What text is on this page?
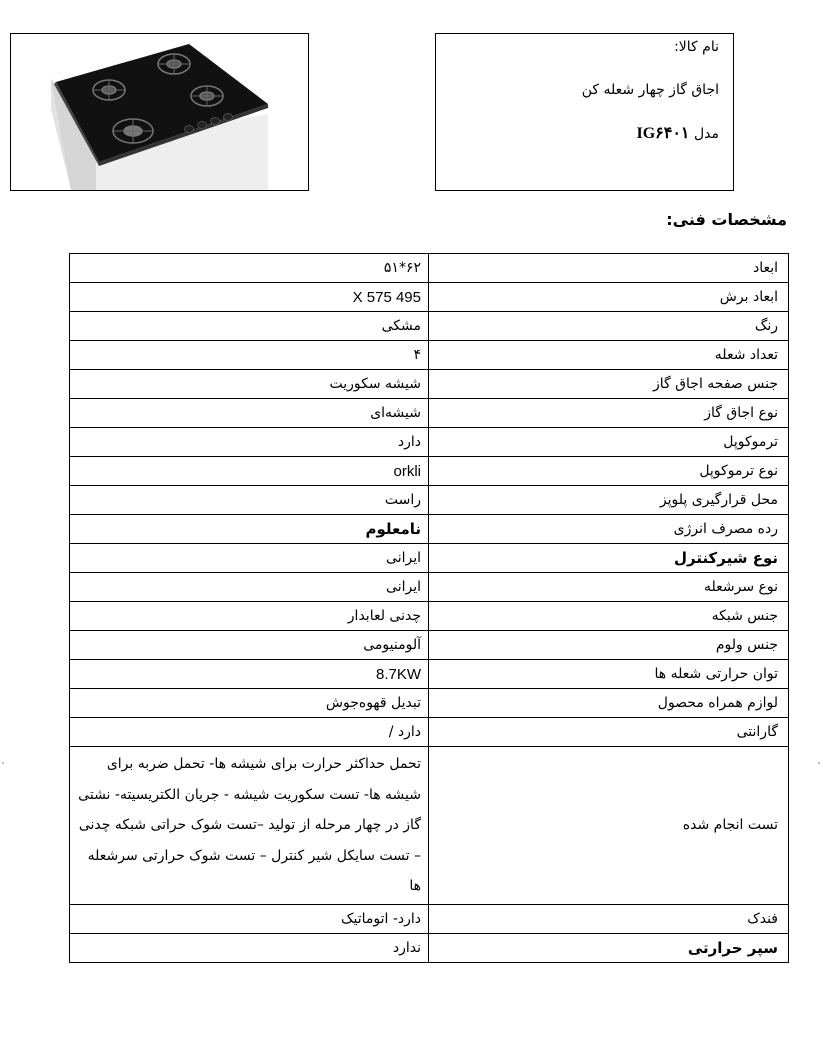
نام کالا:
اجاق گاز چهار شعله کن
مدل IG۶۴۰۱
مشخصات فنی:
ابعاد	۶۲*۵۱
ابعاد برش	495 X 575
رنگ	مشکی
تعداد شعله	۴
جنس صفحه اجاق گاز	شیشه سکوریت
نوع اجاق گاز	شیشه‌ای
ترموکوپل	دارد
نوع ترموکوپل	orkli
محل قرارگیری پلوپز	راست
رده مصرف انرژی	نامعلوم
نوع شیرکنترل	ایرانی
نوع سرشعله	ایرانی
جنس شبکه	چدنی لعابدار
جنس ولوم	آلومنیومی
توان حرارتی شعله ها	8.7KW
لوازم همراه محصول	تبدیل قهوه‌جوش
گارانتی	دارد /
تست انجام شده	تحمل حداکثر حرارت برای شیشه ها- تحمل ضربه برای شیشه ها- تست سکوریت شیشه - جریان الکتریسیته- نشتی گاز در چهار مرحله از تولید –تست شوک حراتی شبکه چدنی – تست سایکل شیر کنترل – تست شوک حرارتی سرشعله ها
فندک	دارد- اتوماتیک
سپر حرارتی	ندارد
